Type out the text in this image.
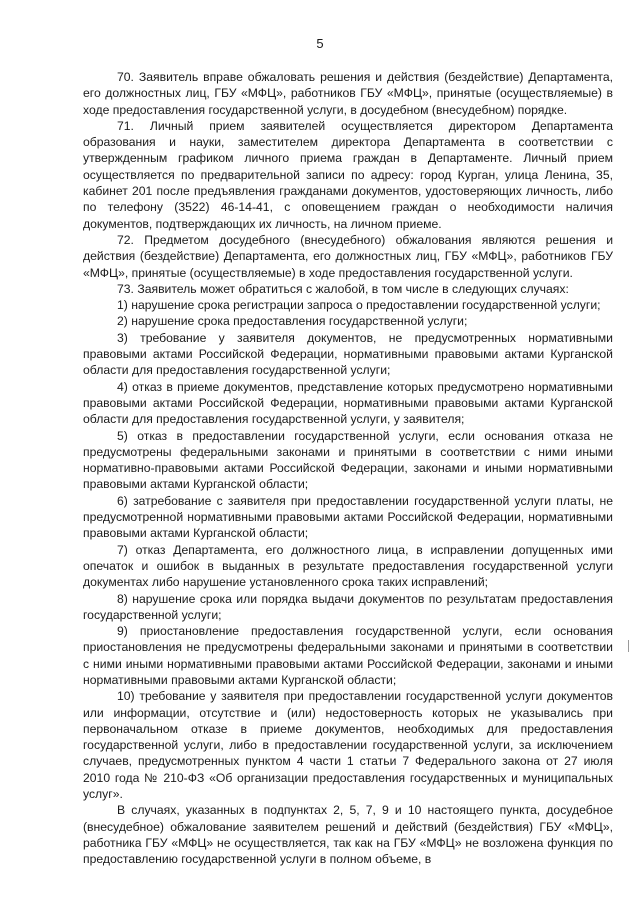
5

70. Заявитель вправе обжаловать решения и действия (бездействие) Департамента, его должностных лиц, ГБУ «МФЦ», работников ГБУ «МФЦ», принятые (осуществляемые) в ходе предоставления государственной услуги, в досудебном (внесудебном) порядке.

71. Личный прием заявителей осуществляется директором Департамента образования и науки, заместителем директора Департамента в соответствии с утвержденным графиком личного приема граждан в Департаменте. Личный прием осуществляется по предварительной записи по адресу: город Курган, улица Ленина, 35, кабинет 201 после предъявления гражданами документов, удостоверяющих личность, либо по телефону (3522) 46-14-41, с оповещением граждан о необходимости наличия документов, подтверждающих их личность, на личном приеме.

72. Предметом досудебного (внесудебного) обжалования являются решения и действия (бездействие) Департамента, его должностных лиц, ГБУ «МФЦ», работников ГБУ «МФЦ», принятые (осуществляемые) в ходе предоставления государственной услуги.

73. Заявитель может обратиться с жалобой, в том числе в следующих случаях:

1) нарушение срока регистрации запроса о предоставлении государственной услуги;

2) нарушение срока предоставления государственной услуги;

3) требование у заявителя документов, не предусмотренных нормативными правовыми актами Российской Федерации, нормативными правовыми актами Курганской области для предоставления государственной услуги;

4) отказ в приеме документов, представление которых предусмотрено нормативными правовыми актами Российской Федерации, нормативными правовыми актами Курганской области для предоставления государственной услуги, у заявителя;

5) отказ в предоставлении государственной услуги, если основания отказа не предусмотрены федеральными законами и принятыми в соответствии с ними иными нормативно-правовыми актами Российской Федерации, законами и иными нормативными правовыми актами Курганской области;

6) затребование с заявителя при предоставлении государственной услуги платы, не предусмотренной нормативными правовыми актами Российской Федерации, нормативными правовыми актами Курганской области;

7) отказ Департамента, его должностного лица, в исправлении допущенных ими опечаток и ошибок в выданных в результате предоставления государственной услуги документах либо нарушение установленного срока таких исправлений;

8) нарушение срока или порядка выдачи документов по результатам предоставления государственной услуги;

9) приостановление предоставления государственной услуги, если основания приостановления не предусмотрены федеральными законами и принятыми в соответствии с ними иными нормативными правовыми актами Российской Федерации, законами и иными нормативными правовыми актами Курганской области;

10) требование у заявителя при предоставлении государственной услуги документов или информации, отсутствие и (или) недостоверность которых не указывались при первоначальном отказе в приеме документов, необходимых для предоставления государственной услуги, либо в предоставлении государственной услуги, за исключением случаев, предусмотренных пунктом 4 части 1 статьи 7 Федерального закона от 27 июля 2010 года № 210-ФЗ «Об организации предоставления государственных и муниципальных услуг».

В случаях, указанных в подпунктах 2, 5, 7, 9 и 10 настоящего пункта, досудебное (внесудебное) обжалование заявителем решений и действий (бездействия) ГБУ «МФЦ», работника ГБУ «МФЦ» не осуществляется, так как на ГБУ «МФЦ» не возложена функция по предоставлению государственной услуги в полном объеме, в
